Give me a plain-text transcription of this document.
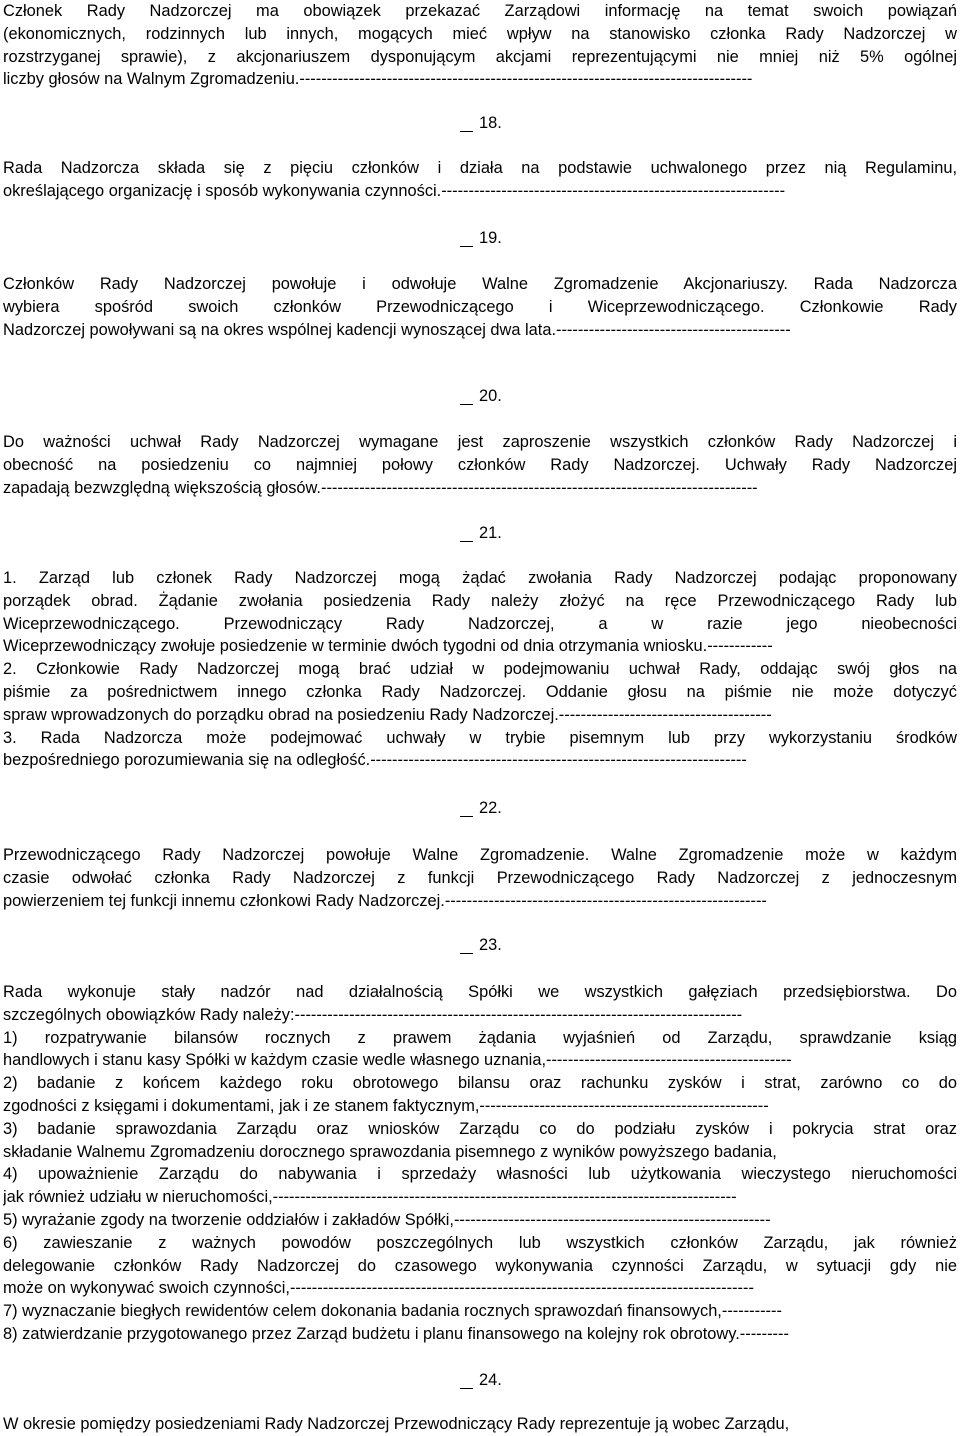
Członek Rady Nadzorczej ma obowiązek przekazać Zarządowi informację na temat swoich powiązań

(ekonomicznych, rodzinnych lub innych, mogących mieć wpływ na stanowisko członka Rady Nadzorczej w

rozstrzyganej sprawie), z akcjonariuszem dysponującym akcjami reprezentującymi nie mniej niż 5% ogólnej

liczby głosów na Walnym Zgromadzeniu.-----------------------------------------------------------------------------------

18.

Rada Nadzorcza składa się z pięciu członków i działa na podstawie uchwalonego przez nią Regulaminu,

określającego organizację i sposób wykonywania czynności.---------------------------------------------------------------

19.

Członków Rady Nadzorczej powołuje i odwołuje Walne Zgromadzenie Akcjonariuszy. Rada Nadzorcza

wybiera spośród swoich członków Przewodniczącego i Wiceprzewodniczącego. Członkowie Rady

Nadzorczej powoływani są na okres wspólnej kadencji wynoszącej dwa lata.-------------------------------------------

20.

Do ważności uchwał Rady Nadzorczej wymagane jest zaproszenie wszystkich członków Rady Nadzorczej i

obecność na posiedzeniu co najmniej połowy członków Rady Nadzorczej. Uchwały Rady Nadzorczej

zapadają bezwzględną większością głosów.--------------------------------------------------------------------------------

21.

1. Zarząd lub członek Rady Nadzorczej mogą żądać zwołania Rady Nadzorczej podając proponowany

porządek obrad. Żądanie zwołania posiedzenia Rady należy złożyć na ręce Przewodniczącego Rady lub

Wiceprzewodniczącego. Przewodniczący Rady Nadzorczej, a w razie jego nieobecności

Wiceprzewodniczący zwołuje posiedzenie w terminie dwóch tygodni od dnia otrzymania wniosku.------------

2. Członkowie Rady Nadzorczej mogą brać udział w podejmowaniu uchwał Rady, oddając swój głos na

piśmie za pośrednictwem innego członka Rady Nadzorczej. Oddanie głosu na piśmie nie może dotyczyć

spraw wprowadzonych do porządku obrad na posiedzeniu Rady Nadzorczej.---------------------------------------

3. Rada Nadzorcza może podejmować uchwały w trybie pisemnym lub przy wykorzystaniu środków

bezpośredniego porozumiewania się na odległość.---------------------------------------------------------------------

22.

Przewodniczącego Rady Nadzorczej powołuje Walne Zgromadzenie. Walne Zgromadzenie może w każdym

czasie odwołać członka Rady Nadzorczej z funkcji Przewodniczącego Rady Nadzorczej z jednoczesnym

powierzeniem tej funkcji innemu członkowi Rady Nadzorczej.-----------------------------------------------------------

23.

Rada wykonuje stały nadzór nad działalnością Spółki we wszystkich gałęziach przedsiębiorstwa. Do

szczególnych obowiązków Rady należy:----------------------------------------------------------------------------------

1) rozpatrywanie bilansów rocznych z prawem żądania wyjaśnień od Zarządu, sprawdzanie ksiąg

handlowych i stanu kasy Spółki w każdym czasie wedle własnego uznania,---------------------------------------------

2) badanie z końcem każdego roku obrotowego bilansu oraz rachunku zysków i strat, zarówno co do

zgodności z księgami i dokumentami, jak i ze stanem faktycznym,-----------------------------------------------------

3) badanie sprawozdania Zarządu oraz wniosków Zarządu co do podziału zysków i pokrycia strat oraz

składanie Walnemu Zgromadzeniu dorocznego sprawozdania pisemnego z wyników powyższego badania,

4) upoważnienie Zarządu do nabywania i sprzedaży własności lub użytkowania wieczystego nieruchomości

jak również udziału w nieruchomości,-------------------------------------------------------------------------------------

5) wyrażanie zgody na tworzenie oddziałów i zakładów Spółki,----------------------------------------------------------

6) zawieszanie z ważnych powodów poszczególnych lub wszystkich członków Zarządu, jak również

delegowanie członków Rady Nadzorczej do czasowego wykonywania czynności Zarządu, w sytuacji gdy nie

może on wykonywać swoich czynności,-------------------------------------------------------------------------------------

7) wyznaczanie biegłych rewidentów celem dokonania badania rocznych sprawozdań finansowych,-----------

8) zatwierdzanie przygotowanego przez Zarząd budżetu i planu finansowego na kolejny rok obrotowy.---------

24.

W okresie pomiędzy posiedzeniami Rady Nadzorczej Przewodniczący Rady reprezentuje ją wobec Zarządu,
